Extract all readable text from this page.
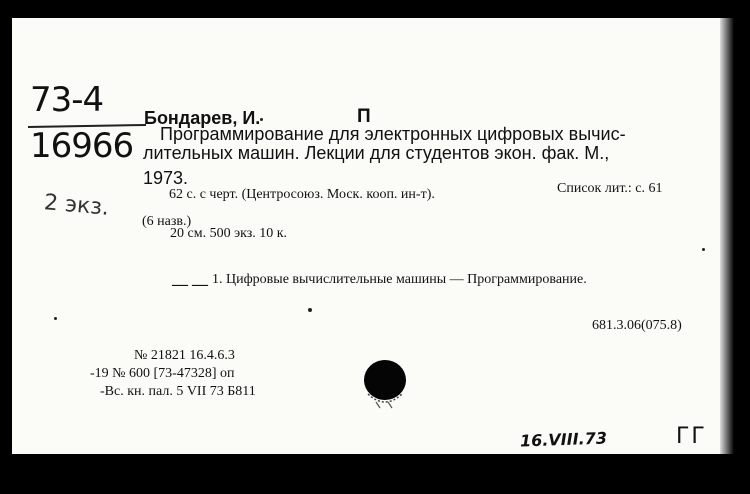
73-4
16966
2 экз.
Бондарев, И.	П
Программирование для электронных цифровых вычис-
лительных машин. Лекции для студентов экон. фак. М.,
1973.
62 с. с черт. (Центросоюз. Моск. кооп. ин-т).	Список лит.: с. 61
(6 назв.)
20 см. 500 экз. 10 к.
— — 1. Цифровые вычислительные машины — Программирование.
681.3.06(075.8)
№ 21821 16.4.6.3
-19 № 600 [73-47328] оп
-Вс. кн. пал. 5 VII 73 Б811
16.VIII.73	ГГ
